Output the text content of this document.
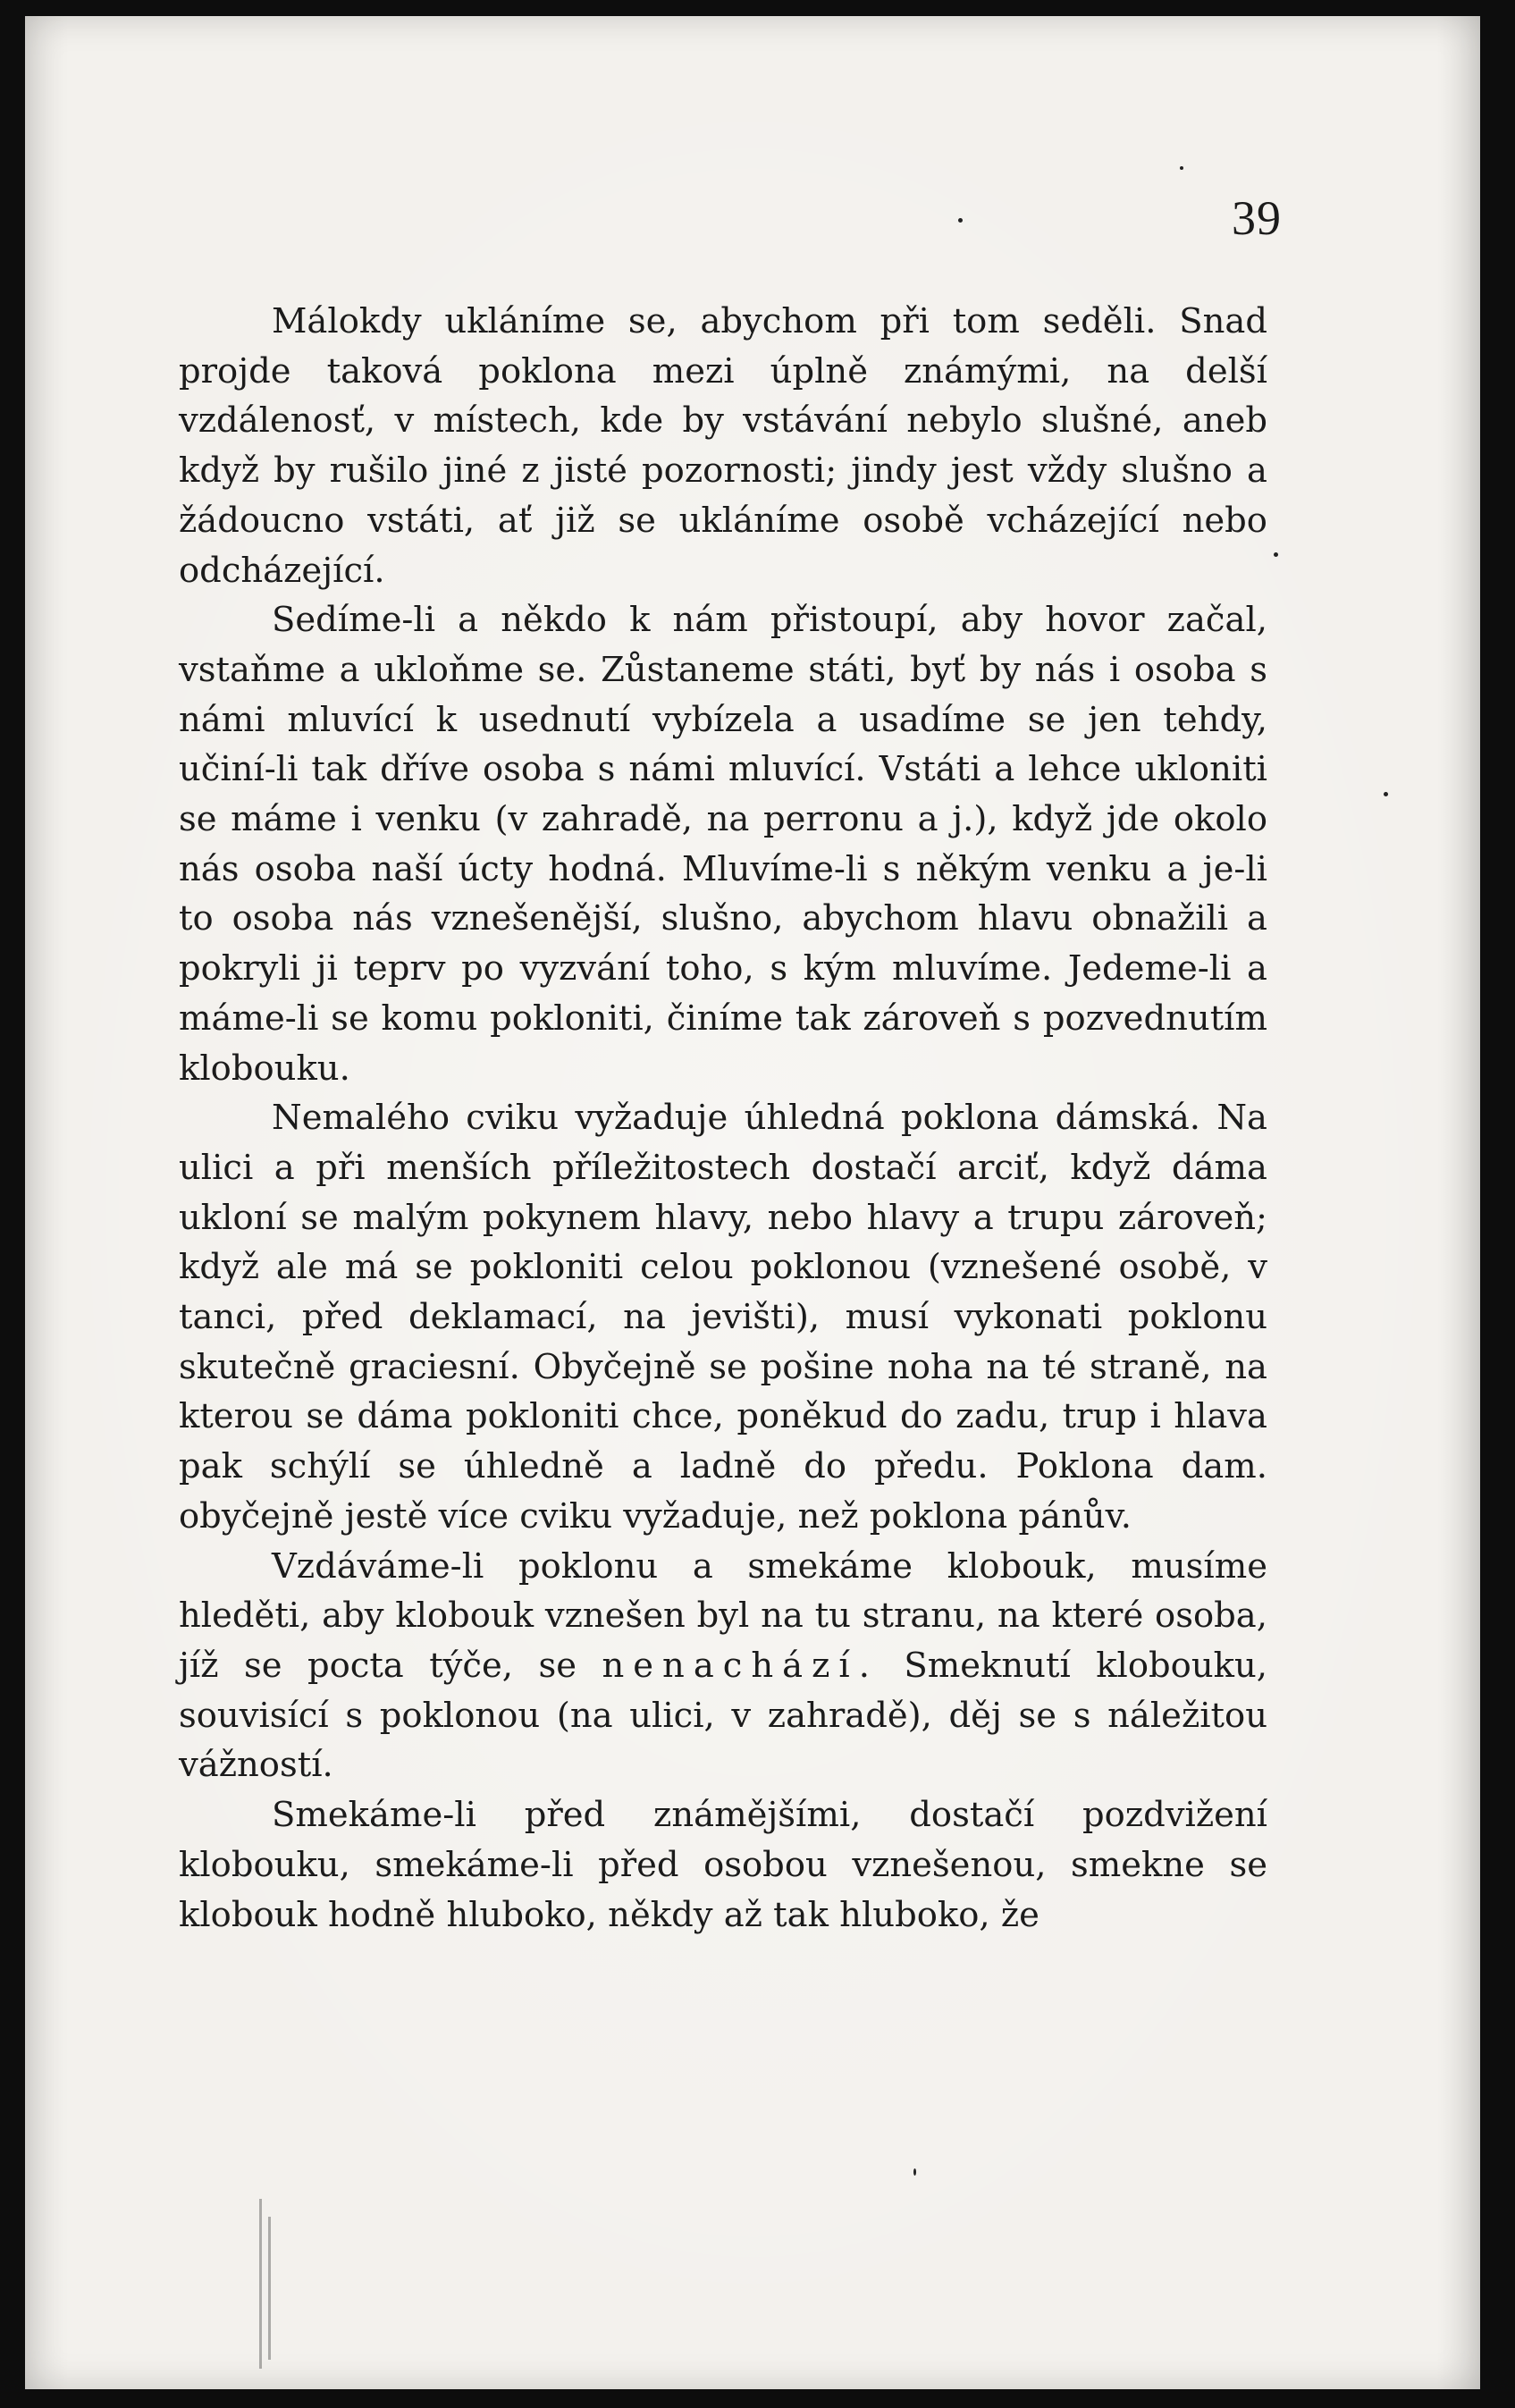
39

Málokdy ukláníme se, abychom při tom seděli. Snad projde taková poklona mezi úplně známými, na delší vzdálenosť, v místech, kde by vstávání nebylo slušné, aneb když by rušilo jiné z jisté pozornosti; jindy jest vždy slušno a žádoucno vstáti, ať již se ukláníme osobě vcházející nebo odcházející.

Sedíme-li a někdo k nám přistoupí, aby hovor začal, vstaňme a ukloňme se. Zůstaneme státi, byť by nás i osoba s námi mluvící k usednutí vybízela a usadíme se jen tehdy, učiní-li tak dříve osoba s námi mluvící. Vstáti a lehce ukloniti se máme i venku (v zahradě, na perronu a j.), když jde okolo nás osoba naší úcty hodná. Mluvíme-li s někým venku a je-li to osoba nás vznešenější, slušno, abychom hlavu obnažili a pokryli ji teprv po vyzvání toho, s kým mluvíme. Jedeme-li a máme-li se komu pokloniti, činíme tak zároveň s pozvednutím klobouku.

Nemalého cviku vyžaduje úhledná poklona dámská. Na ulici a při menších příležitostech dostačí arciť, když dáma ukloní se malým pokynem hlavy, nebo hlavy a trupu zároveň; když ale má se pokloniti celou poklonou (vznešené osobě, v tanci, před deklamací, na jevišti), musí vykonati poklonu skutečně graciesní. Obyčejně se pošine noha na té straně, na kterou se dáma pokloniti chce, poněkud do zadu, trup i hlava pak schýlí se úhledně a ladně do předu. Poklona dam. obyčejně jestě více cviku vyžaduje, než poklona pánův.

Vzdáváme-li poklonu a smekáme klobouk, musíme hleděti, aby klobouk vznešen byl na tu stranu, na které osoba, jíž se pocta týče, se nenachází. Smeknutí klobouku, souvisící s poklonou (na ulici, v zahradě), děj se s náležitou vážností.

Smekáme-li před známějšími, dostačí pozdvižení klobouku, smekáme-li před osobou vznešenou, smekne se klobouk hodně hluboko, někdy až tak hluboko, že
